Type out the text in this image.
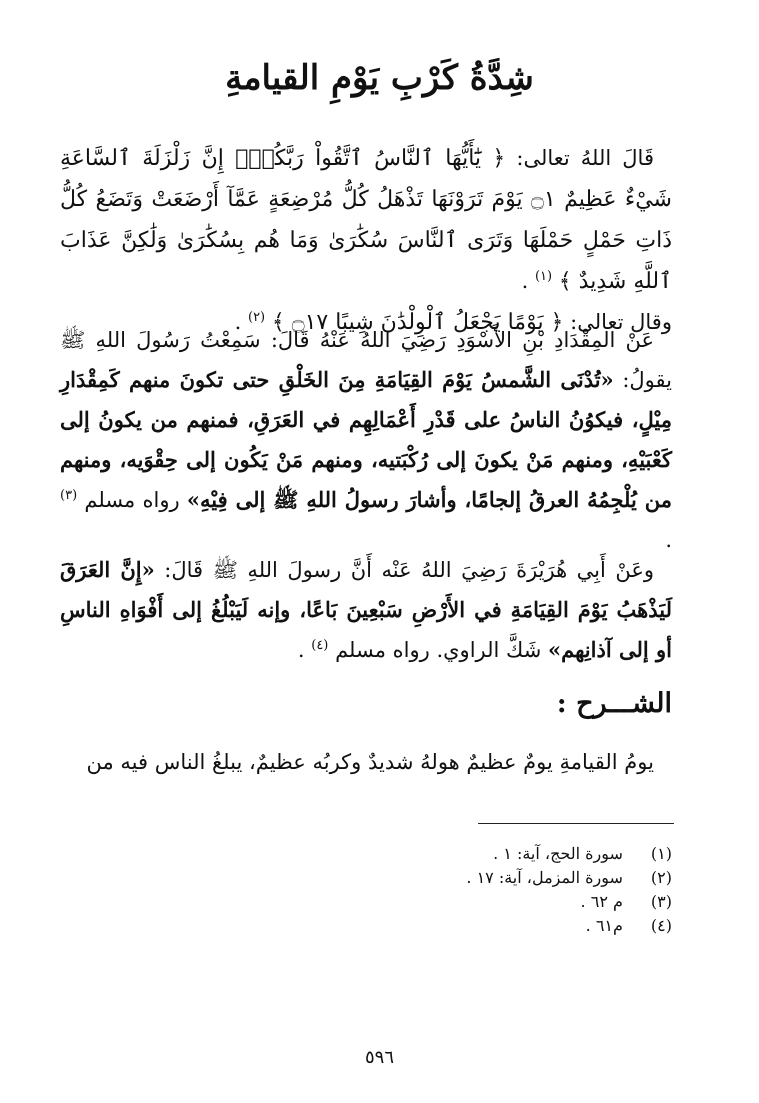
شِدَّةُ كَرْبِ يَوْمِ القيامةِ

قَالَ اللهُ تعالى: ﴿ يَٰٓأَيُّهَا ٱلنَّاسُ ٱتَّقُواْ رَبَّكُمْۚ إِنَّ زَلْزَلَةَ ٱلسَّاعَةِ شَيْءٌ عَظِيمٌ ۝١ يَوْمَ تَرَوْنَهَا تَذْهَلُ كُلُّ مُرْضِعَةٍ عَمَّآ أَرْضَعَتْ وَتَضَعُ كُلُّ ذَاتِ حَمْلٍ حَمْلَهَا وَتَرَى ٱلنَّاسَ سُكَٰرَىٰ وَمَا هُم بِسُكَٰرَىٰ وَلَٰكِنَّ عَذَابَ ٱللَّهِ شَدِيدٌ ﴾ $^{(١)}$ .

وقال تعالى: ﴿ يَوْمًا يَجْعَلُ ٱلْوِلْدَٰنَ شِيبًا ۝١٧ ﴾ $^{(٢)}$ .

عَنْ المِقْدَادِ بْنِ الأَسْوَدِ رَضِيَ اللهُ عَنْهُ قَالَ: سَمِعْتُ رَسُولَ اللهِ ﷺ يقولُ: «تُدْنَى الشَّمسُ يَوْمَ القِيَامَةِ مِنَ الخَلْقِ حتى تكونَ منهم كَمِقْدَارِ مِيْلٍ، فيكوُنُ الناسُ على قَدْرِ أَعْمَالِهِم في العَرَقِ، فمنهم من يكونُ إلى كَعْبَيْهِ، ومنهم مَنْ يكونَ إلى رُكْبَتيه، ومنهم مَنْ يَكُون إلى حِقْوَيه، ومنهم من يُلْجِمُهُ العرقُ إلجامًا، وأشارَ رسولُ اللهِ ﷺ إلى فِيْهِ» رواه مسلم $^{(٣)}$ .

وعَنْ أَبِي هُرَيْرَةَ رَضِيَ اللهُ عَنْه أَنَّ رسولَ اللهِ ﷺ قَالَ: «إِنَّ العَرَقَ لَيَذْهَبُ يَوْمَ القِيَامَةِ في الأَرْضِ سَبْعِينَ بَاعًا، وإنه لَيَبْلُغُ إلى أَفْوَاهِ الناسِ أو إلى آذانِهم» شَكَّ الراوي. رواه مسلم $^{(٤)}$ .

الشـــرح :

يومُ القيامةِ يومٌ عظيمٌ هولهُ شديدٌ وكربُه عظيمٌ، يبلغُ الناس فيه من

(١) سورة الحج، آية: ١ .
(٢) سورة المزمل، آية: ١٧ .
(٣) م ٦٢ .
(٤) م٦١ .
٥٩٦
